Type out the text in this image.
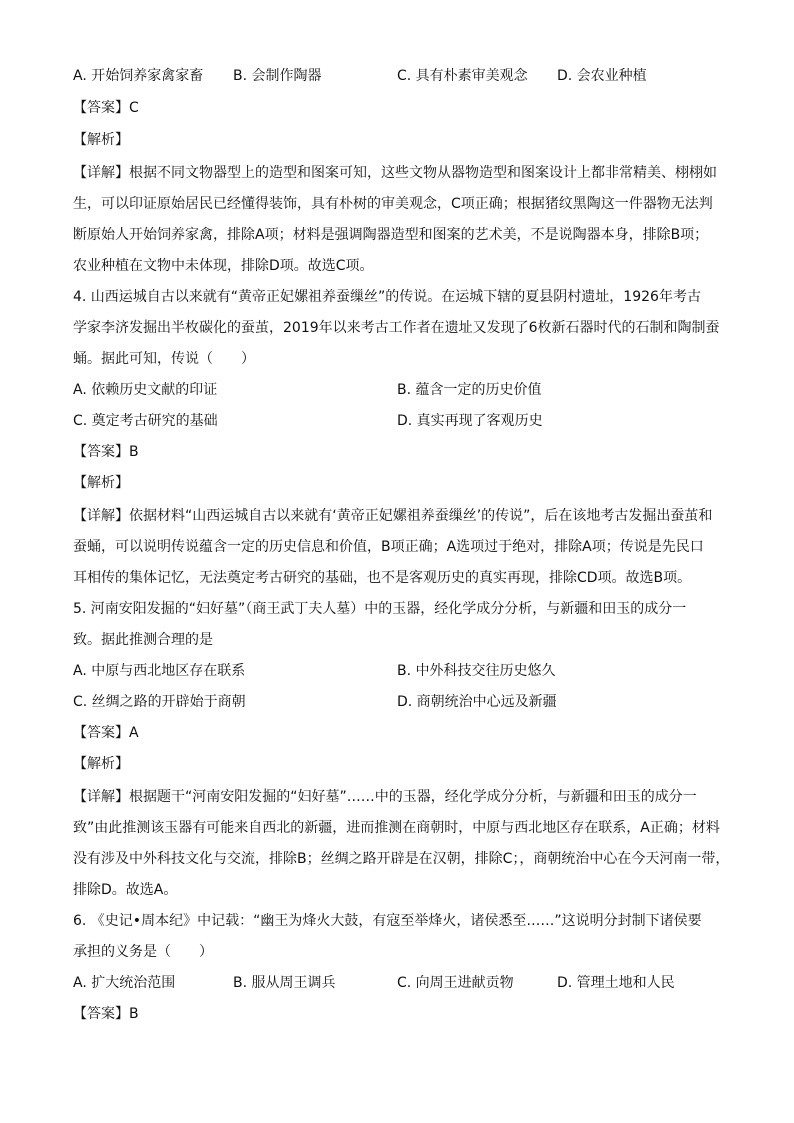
A. 开始饲养家禽家畜 B. 会制作陶器	C. 具有朴素审美观念 D. 会农业种植
【答案】C
【解析】
【详解】根据不同文物器型上的造型和图案可知，这些文物从器物造型和图案设计上都非常精美、栩栩如
生，可以印证原始居民已经懂得装饰，具有朴树的审美观念，C项正确；根据猪纹黑陶这一件器物无法判
断原始人开始饲养家禽，排除A项；材料是强调陶器造型和图案的艺术美，不是说陶器本身，排除B项；
农业种植在文物中未体现，排除D项。故选C项。
4. 山西运城自古以来就有“黄帝正妃嫘祖养蚕缫丝”的传说。在运城下辖的夏县阴村遗址，1926年考古
学家李济发掘出半枚碳化的蚕茧，2019年以来考古工作者在遗址又发现了6枚新石器时代的石制和陶制蚕
蛹。据此可知，传说（　　）
A. 依赖历史文献的印证	B. 蕴含一定的历史价值
C. 奠定考古研究的基础	D. 真实再现了客观历史
【答案】B
【解析】
【详解】依据材料“山西运城自古以来就有‘黄帝正妃嫘祖养蚕缫丝’的传说”，后在该地考古发掘出蚕茧和
蚕蛹，可以说明传说蕴含一定的历史信息和价值，B项正确；A选项过于绝对，排除A项；传说是先民口
耳相传的集体记忆，无法奠定考古研究的基础，也不是客观历史的真实再现，排除CD项。故选B项。
5. 河南安阳发掘的“妇好墓”（商王武丁夫人墓）中的玉器，经化学成分分析，与新疆和田玉的成分一
致。据此推测合理的是
A. 中原与西北地区存在联系	B. 中外科技交往历史悠久
C. 丝绸之路的开辟始于商朝	D. 商朝统治中心远及新疆
【答案】A
【解析】
【详解】根据题干“河南安阳发掘的“妇好墓”……中的玉器，经化学成分分析，与新疆和田玉的成分一
致”由此推测该玉器有可能来自西北的新疆，进而推测在商朝时，中原与西北地区存在联系，A正确；材料
没有涉及中外科技文化与交流，排除B；丝绸之路开辟是在汉朝，排除C；，商朝统治中心在今天河南一带，
排除D。故选A。
6. 《史记•周本纪》中记载：“幽王为烽火大鼓，有寇至举烽火，诸侯悉至……”这说明分封制下诸侯要
承担的义务是（　　）
A. 扩大统治范围	B. 服从周王调兵	C. 向周王进献贡物	D. 管理土地和人民
【答案】B
